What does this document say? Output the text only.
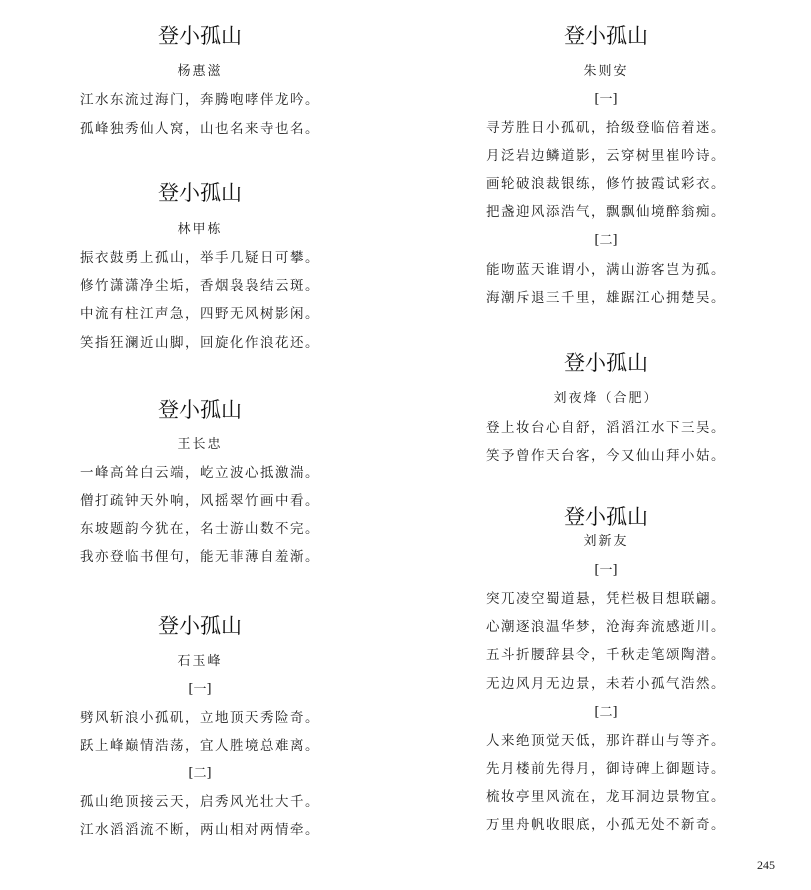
登小孤山
杨惠滋
江水东流过海门，奔腾咆哮伴龙吟。
孤峰独秀仙人窝，山也名来寺也名。
登小孤山
林甲栋
振衣鼓勇上孤山，举手几疑日可攀。
修竹潇潇净尘垢，香烟袅袅结云斑。
中流有柱江声急，四野无风树影闲。
笑指狂澜近山脚，回旋化作浪花还。
登小孤山
王长忠
一峰高耸白云端，屹立波心抵激湍。
僧打疏钟天外响，风摇翠竹画中看。
东坡题韵今犹在，名士游山数不完。
我亦登临书俚句，能无菲薄自羞渐。
登小孤山
石玉峰
[一]
劈风斩浪小孤矶，立地顶天秀险奇。
跃上峰巅情浩荡，宜人胜境总难离。
[二]
孤山绝顶接云天，启秀风光壮大千。
江水滔滔流不断，两山相对两情牵。
登小孤山
朱则安
[一]
寻芳胜日小孤矶，拾级登临倍着迷。
月泛岩边鳞道影，云穿树里崔吟诗。
画轮破浪裁银练，修竹披霞试彩衣。
把盏迎风添浩气，飘飘仙境醉翁痴。
[二]
能吻蓝天谁谓小，满山游客岂为孤。
海潮斥退三千里，雄踞江心拥楚吴。
登小孤山
刘夜烽（合肥）
登上妆台心自舒，滔滔江水下三吴。
笑予曾作天台客，今又仙山拜小姑。
登小孤山
刘新友
[一]
突兀凌空蜀道悬，凭栏极目想联翩。
心潮逐浪温华梦，沧海奔流感逝川。
五斗折腰辞县令，千秋走笔颂陶潜。
无边风月无边景，未若小孤气浩然。
[二]
人来绝顶觉天低，那许群山与等齐。
先月楼前先得月，御诗碑上御题诗。
梳妆亭里风流在，龙耳洞边景物宜。
万里舟帆收眼底，小孤无处不新奇。
245
